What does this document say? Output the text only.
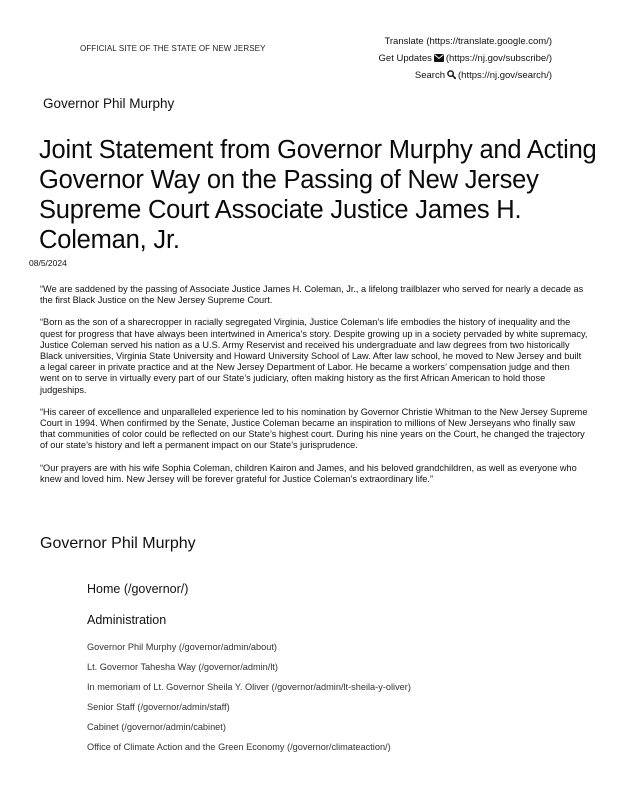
OFFICIAL SITE OF THE STATE OF NEW JERSEY
Translate (https://translate.google.com/)
Get Updates (https://nj.gov/subscribe/)
Search (https://nj.gov/search/)
Governor Phil Murphy
Joint Statement from Governor Murphy and Acting Governor Way on the Passing of New Jersey Supreme Court Associate Justice James H. Coleman, Jr.
08/5/2024

“We are saddened by the passing of Associate Justice James H. Coleman, Jr., a lifelong trailblazer who served for nearly a decade as the first Black Justice on the New Jersey Supreme Court.

“Born as the son of a sharecropper in racially segregated Virginia, Justice Coleman’s life embodies the history of inequality and the quest for progress that have always been intertwined in America’s story. Despite growing up in a society pervaded by white supremacy, Justice Coleman served his nation as a U.S. Army Reservist and received his undergraduate and law degrees from two historically Black universities, Virginia State University and Howard University School of Law. After law school, he moved to New Jersey and built a legal career in private practice and at the New Jersey Department of Labor. He became a workers’ compensation judge and then went on to serve in virtually every part of our State’s judiciary, often making history as the first African American to hold those judgeships.

“His career of excellence and unparalleled experience led to his nomination by Governor Christie Whitman to the New Jersey Supreme Court in 1994. When confirmed by the Senate, Justice Coleman became an inspiration to millions of New Jerseyans who finally saw that communities of color could be reflected on our State’s highest court. During his nine years on the Court, he changed the trajectory of our state’s history and left a permanent impact on our State’s jurisprudence.

“Our prayers are with his wife Sophia Coleman, children Kairon and James, and his beloved grandchildren, as well as everyone who knew and loved him. New Jersey will be forever grateful for Justice Coleman’s extraordinary life.”

Governor Phil Murphy
Home (/governor/)
Administration
Governor Phil Murphy (/governor/admin/about)
Lt. Governor Tahesha Way (/governor/admin/lt)
In memoriam of Lt. Governor Sheila Y. Oliver (/governor/admin/lt-sheila-y-oliver)
Senior Staff (/governor/admin/staff)
Cabinet (/governor/admin/cabinet)
Office of Climate Action and the Green Economy (/governor/climateaction/)
